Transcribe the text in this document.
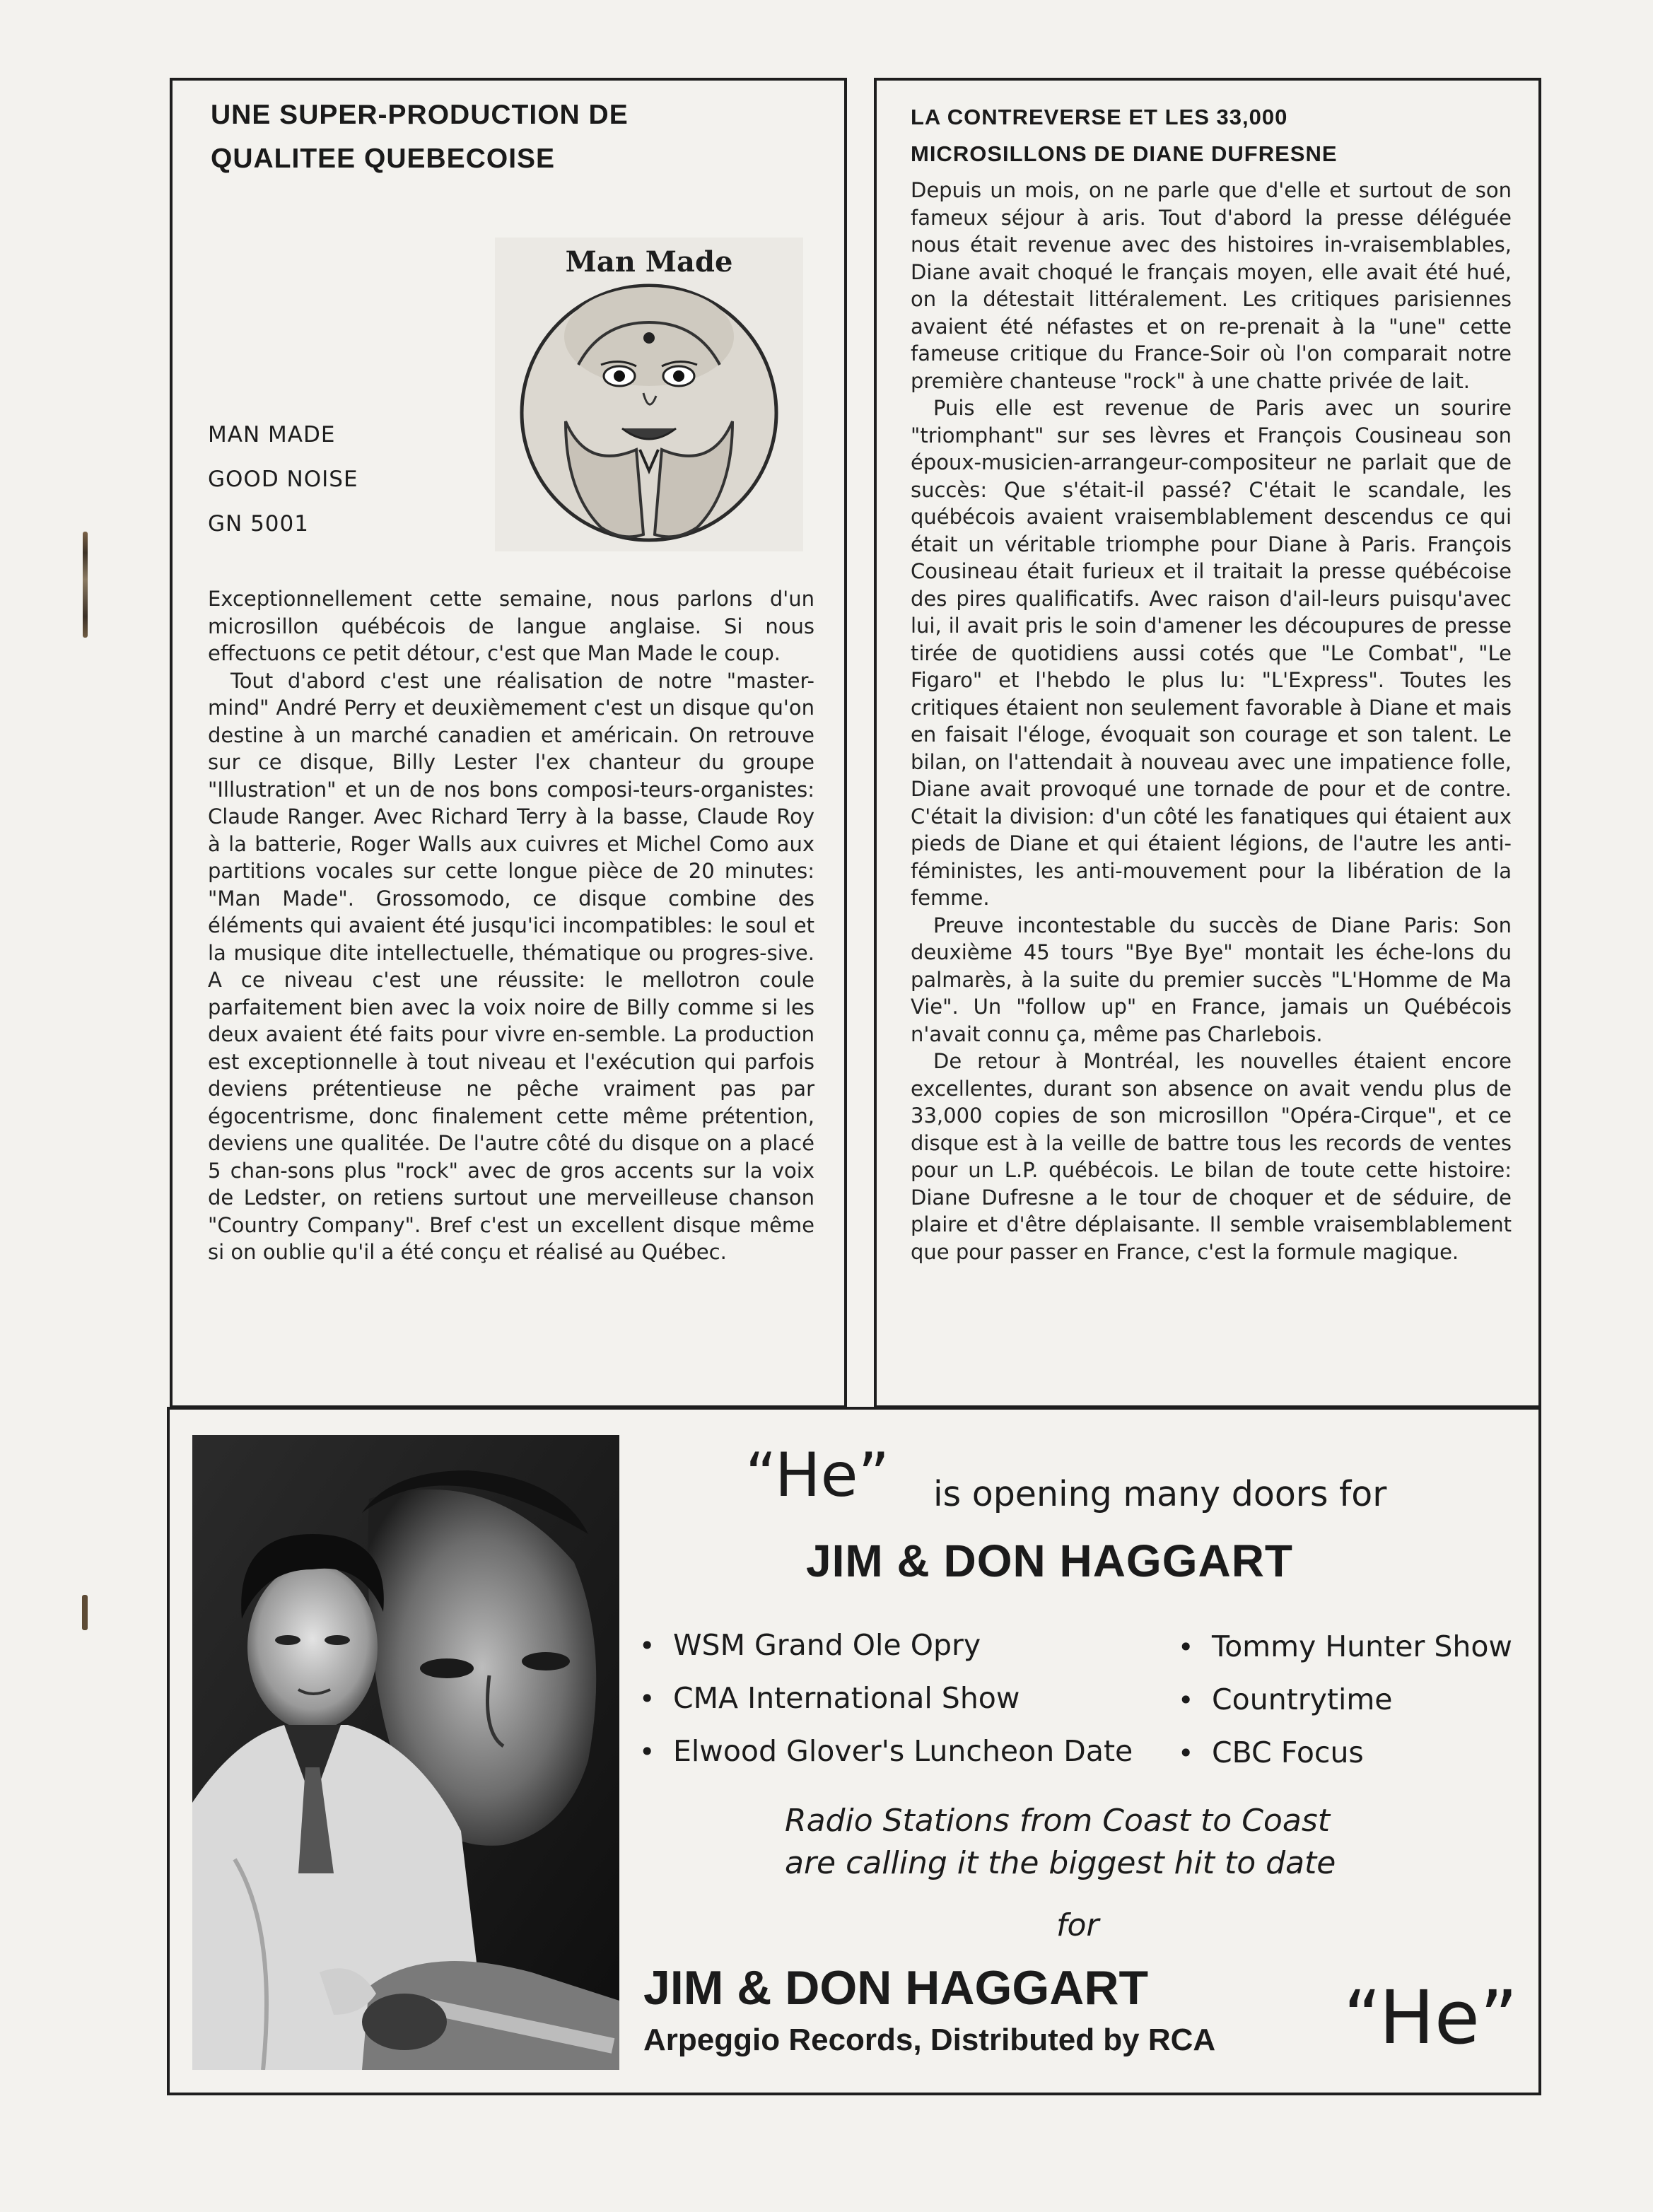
UNE SUPER-PRODUCTION DE
QUALITEE QUEBECOISE
MAN MADE
GOOD NOISE
GN 5001
Man Made

Exceptionnellement cette semaine, nous parlons d'un microsillon québécois de langue anglaise. Si nous effectuons ce petit détour, c'est que Man Made le coup.

Tout d'abord c'est une réalisation de notre "master-mind" André Perry et deuxièmement c'est un disque qu'on destine à un marché canadien et américain. On retrouve sur ce disque, Billy Lester l'ex chanteur du groupe "Illustration" et un de nos bons composi-teurs-organistes: Claude Ranger. Avec Richard Terry à la basse, Claude Roy à la batterie, Roger Walls aux cuivres et Michel Como aux partitions vocales sur cette longue pièce de 20 minutes: "Man Made". Grossomodo, ce disque combine des éléments qui avaient été jusqu'ici incompatibles: le soul et la musique dite intellectuelle, thématique ou progres-sive. A ce niveau c'est une réussite: le mellotron coule parfaitement bien avec la voix noire de Billy comme si les deux avaient été faits pour vivre en-semble. La production est exceptionnelle à tout niveau et l'exécution qui parfois deviens prétentieuse ne pêche vraiment pas par égocentrisme, donc finalement cette même prétention, deviens une qualitée. De l'autre côté du disque on a placé 5 chan-sons plus "rock" avec de gros accents sur la voix de Ledster, on retiens surtout une merveilleuse chanson "Country Company". Bref c'est un excellent disque même si on oublie qu'il a été conçu et réalisé au Québec.

LA CONTREVERSE ET LES 33,000
MICROSILLONS DE DIANE DUFRESNE

Depuis un mois, on ne parle que d'elle et surtout de son fameux séjour à aris. Tout d'abord la presse déléguée nous était revenue avec des histoires in-vraisemblables, Diane avait choqué le français moyen, elle avait été hué, on la détestait littéralement. Les critiques parisiennes avaient été néfastes et on re-prenait à la "une" cette fameuse critique du France-Soir où l'on comparait notre première chanteuse "rock" à une chatte privée de lait.

Puis elle est revenue de Paris avec un sourire "triomphant" sur ses lèvres et François Cousineau son époux-musicien-arrangeur-compositeur ne parlait que de succès: Que s'était-il passé? C'était le scandale, les québécois avaient vraisemblablement descendus ce qui était un véritable triomphe pour Diane à Paris. François Cousineau était furieux et il traitait la presse québécoise des pires qualificatifs. Avec raison d'ail-leurs puisqu'avec lui, il avait pris le soin d'amener les découpures de presse tirée de quotidiens aussi cotés que "Le Combat", "Le Figaro" et l'hebdo le plus lu: "L'Express". Toutes les critiques étaient non seulement favorable à Diane et mais en faisait l'éloge, évoquait son courage et son talent. Le bilan, on l'attendait à nouveau avec une impatience folle, Diane avait provoqué une tornade de pour et de contre. C'était la division: d'un côté les fanatiques qui étaient aux pieds de Diane et qui étaient légions, de l'autre les anti-féministes, les anti-mouvement pour la libération de la femme.

Preuve incontestable du succès de Diane Paris: Son deuxième 45 tours "Bye Bye" montait les éche-lons du palmarès, à la suite du premier succès "L'Homme de Ma Vie". Un "follow up" en France, jamais un Québécois n'avait connu ça, même pas Charlebois.

De retour à Montréal, les nouvelles étaient encore excellentes, durant son absence on avait vendu plus de 33,000 copies de son microsillon "Opéra-Cirque", et ce disque est à la veille de battre tous les records de ventes pour un L.P. québécois. Le bilan de toute cette histoire: Diane Dufresne a le tour de choquer et de séduire, de plaire et d'être déplaisante. Il semble vraisemblablement que pour passer en France, c'est la formule magique.

“He” is opening many doors for

JIM & DON HAGGART

• WSM Grand Ole Opry
• CMA International Show
• Elwood Glover's Luncheon Date
• Tommy Hunter Show
• Countrytime
• CBC Focus

Radio Stations from Coast to Coast

are calling it the biggest hit to date

for

JIM & DON HAGGART

Arpeggio Records, Distributed by RCA “He”
